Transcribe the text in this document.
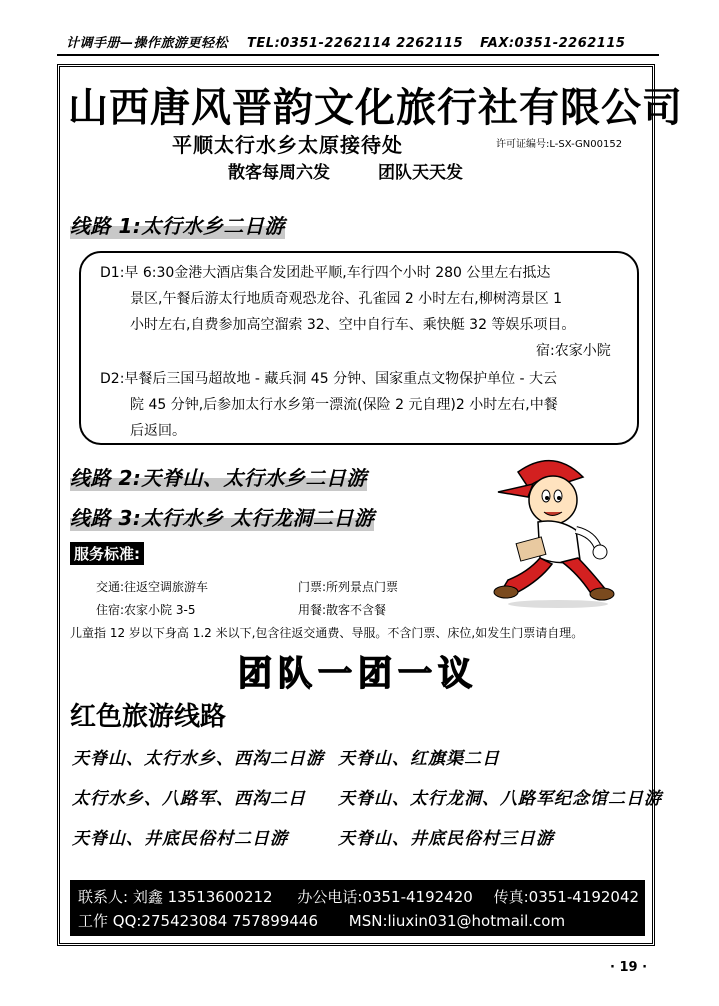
计调手册—操作旅游更轻松 TEL:0351-2262114 2262115 FAX:0351-2262115
山西唐风晋韵文化旅行社有限公司
平顺太行水乡太原接待处	许可证编号:L-SX-GN00152
散客每周六发	团队天天发
线路 1:太行水乡二日游
D1:早 6:30金港大酒店集合发团赴平顺,车行四个小时 280 公里左右抵达
景区,午餐后游太行地质奇观恐龙谷、孔雀园 2 小时左右,柳树湾景区 1
小时左右,自费参加高空溜索 32、空中自行车、乘快艇 32 等娱乐项目。
宿:农家小院
D2:早餐后三国马超故地 - 藏兵洞 45 分钟、国家重点文物保护单位 - 大云
院 45 分钟,后参加太行水乡第一漂流(保险 2 元自理)2 小时左右,中餐
后返回。
线路 2:天脊山、太行水乡二日游
线路 3:太行水乡 太行龙洞二日游
服务标准:
交通:往返空调旅游车	门票:所列景点门票
住宿:农家小院 3-5	用餐:散客不含餐
儿童指 12 岁以下身高 1.2 米以下,包含往返交通费、导服。不含门票、床位,如发生门票请自理。
团队一团一议
红色旅游线路
天脊山、太行水乡、西沟二日游 天脊山、红旗渠二日
太行水乡、八路军、西沟二日 天脊山、太行龙洞、八路军纪念馆二日游
天脊山、井底民俗村二日游	天脊山、井底民俗村三日游
联系人: 刘鑫 13513600212 办公电话:0351-4192420 传真:0351-4192042
工作 QQ:275423084 757899446 MSN:liuxin031@hotmail.com
· 19 ·
